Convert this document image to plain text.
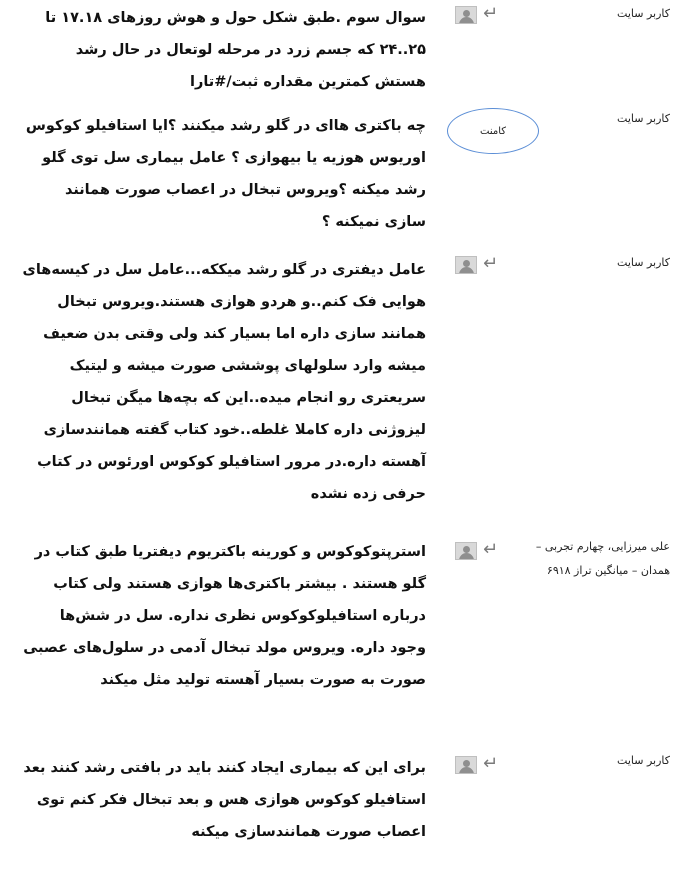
کاربر سایت
↵
سوال سوم .طبق شکل حول و هوش روزهای ۱۷.۱۸ تا ۲۵..۲۴ که جسم زرد در مرحله لوتعال در حال رشد هستش کمترین مقداره ثبت/#تارا
کاربر سایت
چه باکتری هاای در گلو رشد میکنند ؟ایا استافیلو کوکوس اوریوس هوزیه یا بیهوازی ؟ عامل بیماری سل توی گلو رشد میکنه ؟ویروس تبخال در اعصاب صورت همانند سازی نمیکنه ؟
کامنت
کاربر سایت
↵
عامل دیفتری در گلو رشد میککه...عامل سل در کیسه‌های هوایی فک کنم..و هردو هوازی هستند.ویروس تبخال همانند سازی داره اما بسیار کند ولی وقتی بدن ضعیف میشه وارد سلولهای پوششی صورت میشه و لیتیک سریعتری رو انجام میده..این که بچه‌ها میگن تبخال لیزوژنی داره کاملا غلطه..خود کتاب گفته همانندسازی آهسته داره.در مرور استافیلو کوکوس اورئوس در کتاب حرفی زده نشده
علی میرزایی، چهارم تجربی –
همدان – میانگین تراز ۶۹۱۸
↵
استرپتوکوکوس و کورینه باکتریوم دیفتریا طبق کتاب در گلو هستند . بیشتر باکتری‌ها هوازی هستند ولی کتاب درباره استافیلوکوکوس نظری نداره. سل در شش‌ها وجود داره. ویروس مولد تبخال آدمی در سلول‌های عصبی صورت به صورت بسیار آهسته تولید مثل میکند
کاربر سایت
↵
برای این که بیماری ایجاد کنند باید در بافتی رشد کنند بعد استافیلو کوکوس هوازی هس و بعد تبخال فکر کنم توی اعصاب صورت همانندسازی میکنه
